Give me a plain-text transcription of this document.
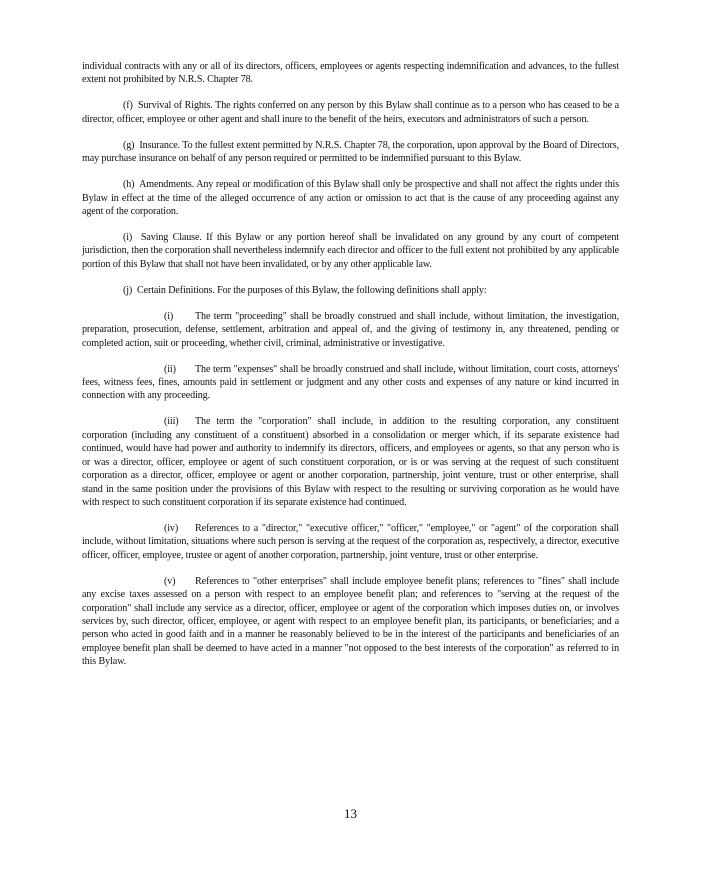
individual contracts with any or all of its directors, officers, employees or agents respecting indemnification and advances, to the fullest extent not prohibited by N.R.S. Chapter 78.

(f) Survival of Rights. The rights conferred on any person by this Bylaw shall continue as to a person who has ceased to be a director, officer, employee or other agent and shall inure to the benefit of the heirs, executors and administrators of such a person.

(g) Insurance. To the fullest extent permitted by N.R.S. Chapter 78, the corporation, upon approval by the Board of Directors, may purchase insurance on behalf of any person required or permitted to be indemnified pursuant to this Bylaw.

(h) Amendments. Any repeal or modification of this Bylaw shall only be prospective and shall not affect the rights under this Bylaw in effect at the time of the alleged occurrence of any action or omission to act that is the cause of any proceeding against any agent of the corporation.

(i) Saving Clause. If this Bylaw or any portion hereof shall be invalidated on any ground by any court of competent jurisdiction, then the corporation shall nevertheless indemnify each director and officer to the full extent not prohibited by any applicable portion of this Bylaw that shall not have been invalidated, or by any other applicable law.

(j) Certain Definitions. For the purposes of this Bylaw, the following definitions shall apply:

(i) The term "proceeding" shall be broadly construed and shall include, without limitation, the investigation, preparation, prosecution, defense, settlement, arbitration and appeal of, and the giving of testimony in, any threatened, pending or completed action, suit or proceeding, whether civil, criminal, administrative or investigative.

(ii) The term "expenses" shall be broadly construed and shall include, without limitation, court costs, attorneys' fees, witness fees, fines, amounts paid in settlement or judgment and any other costs and expenses of any nature or kind incurred in connection with any proceeding.

(iii) The term the "corporation" shall include, in addition to the resulting corporation, any constituent corporation (including any constituent of a constituent) absorbed in a consolidation or merger which, if its separate existence had continued, would have had power and authority to indemnify its directors, officers, and employees or agents, so that any person who is or was a director, officer, employee or agent of such constituent corporation, or is or was serving at the request of such constituent corporation as a director, officer, employee or agent or another corporation, partnership, joint venture, trust or other enterprise, shall stand in the same position under the provisions of this Bylaw with respect to the resulting or surviving corporation as he would have with respect to such constituent corporation if its separate existence had continued.

(iv) References to a "director," "executive officer," "officer," "employee," or "agent" of the corporation shall include, without limitation, situations where such person is serving at the request of the corporation as, respectively, a director, executive officer, officer, employee, trustee or agent of another corporation, partnership, joint venture, trust or other enterprise.

(v) References to "other enterprises" shall include employee benefit plans; references to "fines" shall include any excise taxes assessed on a person with respect to an employee benefit plan; and references to "serving at the request of the corporation" shall include any service as a director, officer, employee or agent of the corporation which imposes duties on, or involves services by, such director, officer, employee, or agent with respect to an employee benefit plan, its participants, or beneficiaries; and a person who acted in good faith and in a manner he reasonably believed to be in the interest of the participants and beneficiaries of an employee benefit plan shall be deemed to have acted in a manner "not opposed to the best interests of the corporation" as referred to in this Bylaw.

13
